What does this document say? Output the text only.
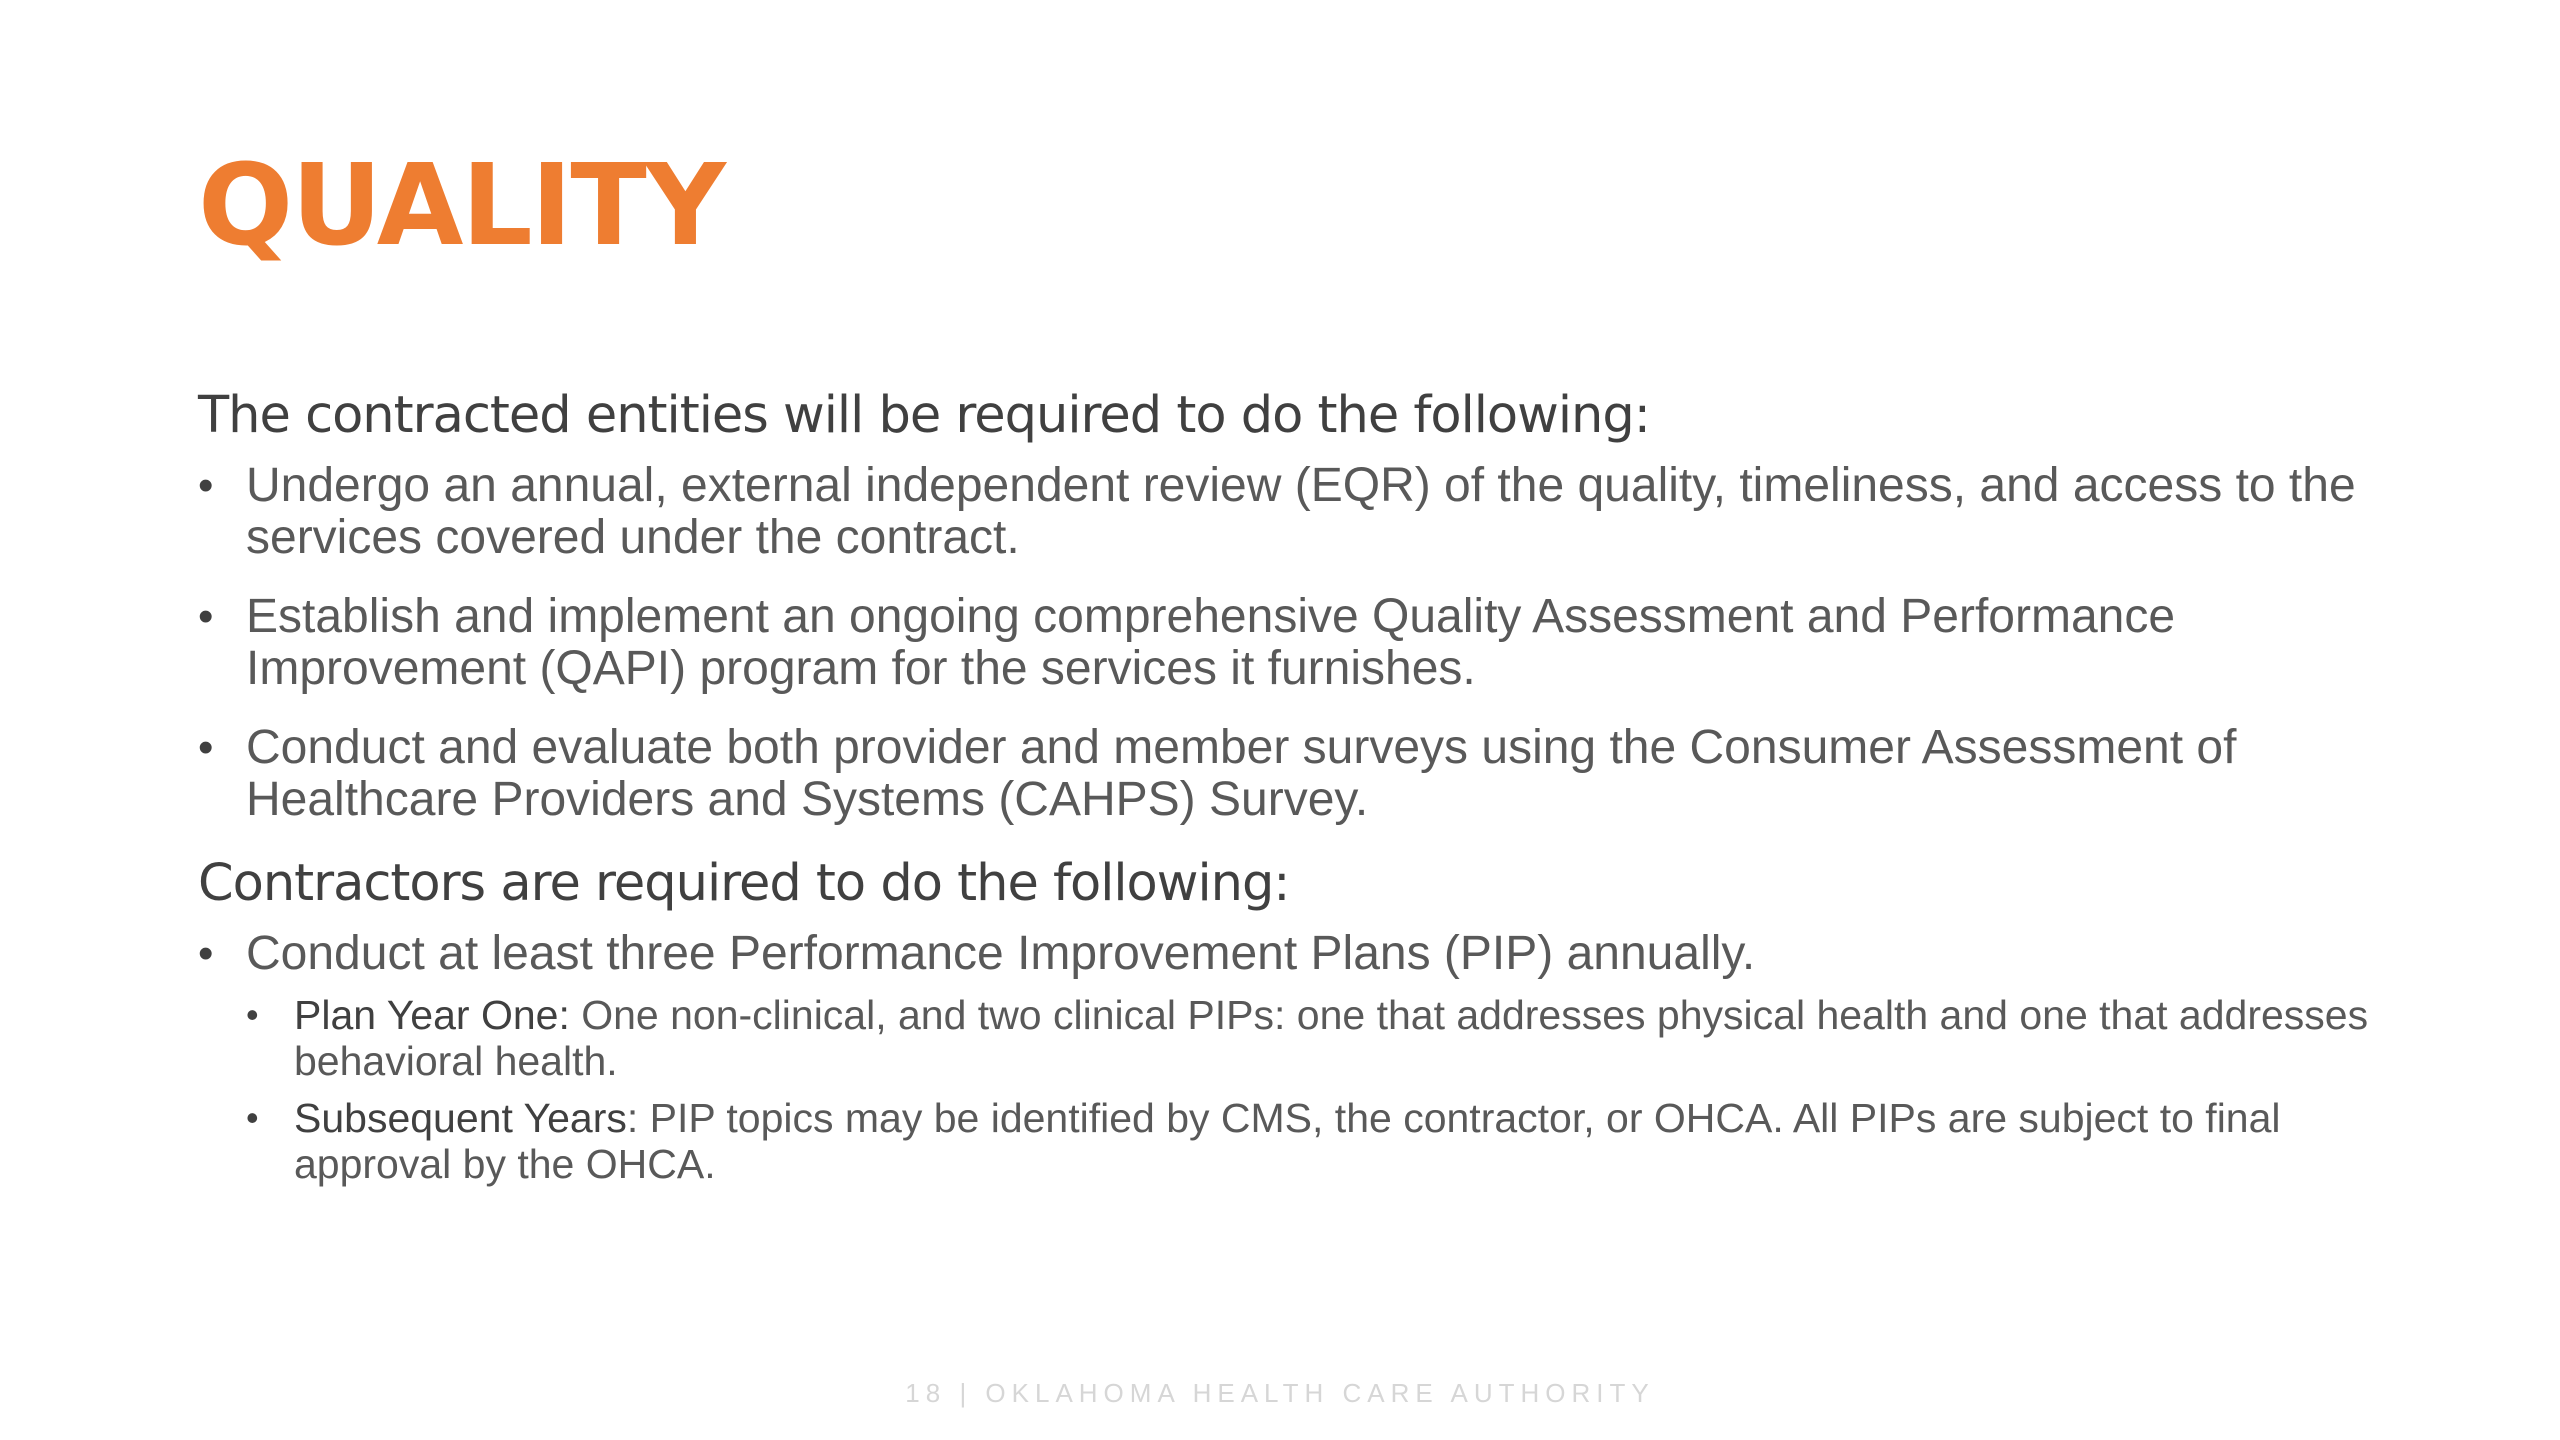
QUALITY
The contracted entities will be required to do the following:
• Undergo an annual, external independent review (EQR) of the quality, timeliness, and access to the services covered under the contract.
• Establish and implement an ongoing comprehensive Quality Assessment and Performance Improvement (QAPI) program for the services it furnishes.
• Conduct and evaluate both provider and member surveys using the Consumer Assessment of Healthcare Providers and Systems (CAHPS) Survey.
Contractors are required to do the following:
• Conduct at least three Performance Improvement Plans (PIP) annually.
• Plan Year One: One non-clinical, and two clinical PIPs: one that addresses physical health and one that addresses behavioral health.
• Subsequent Years: PIP topics may be identified by CMS, the contractor, or OHCA. All PIPs are subject to final approval by the OHCA.
18 | OKLAHOMA HEALTH CARE AUTHORITY
